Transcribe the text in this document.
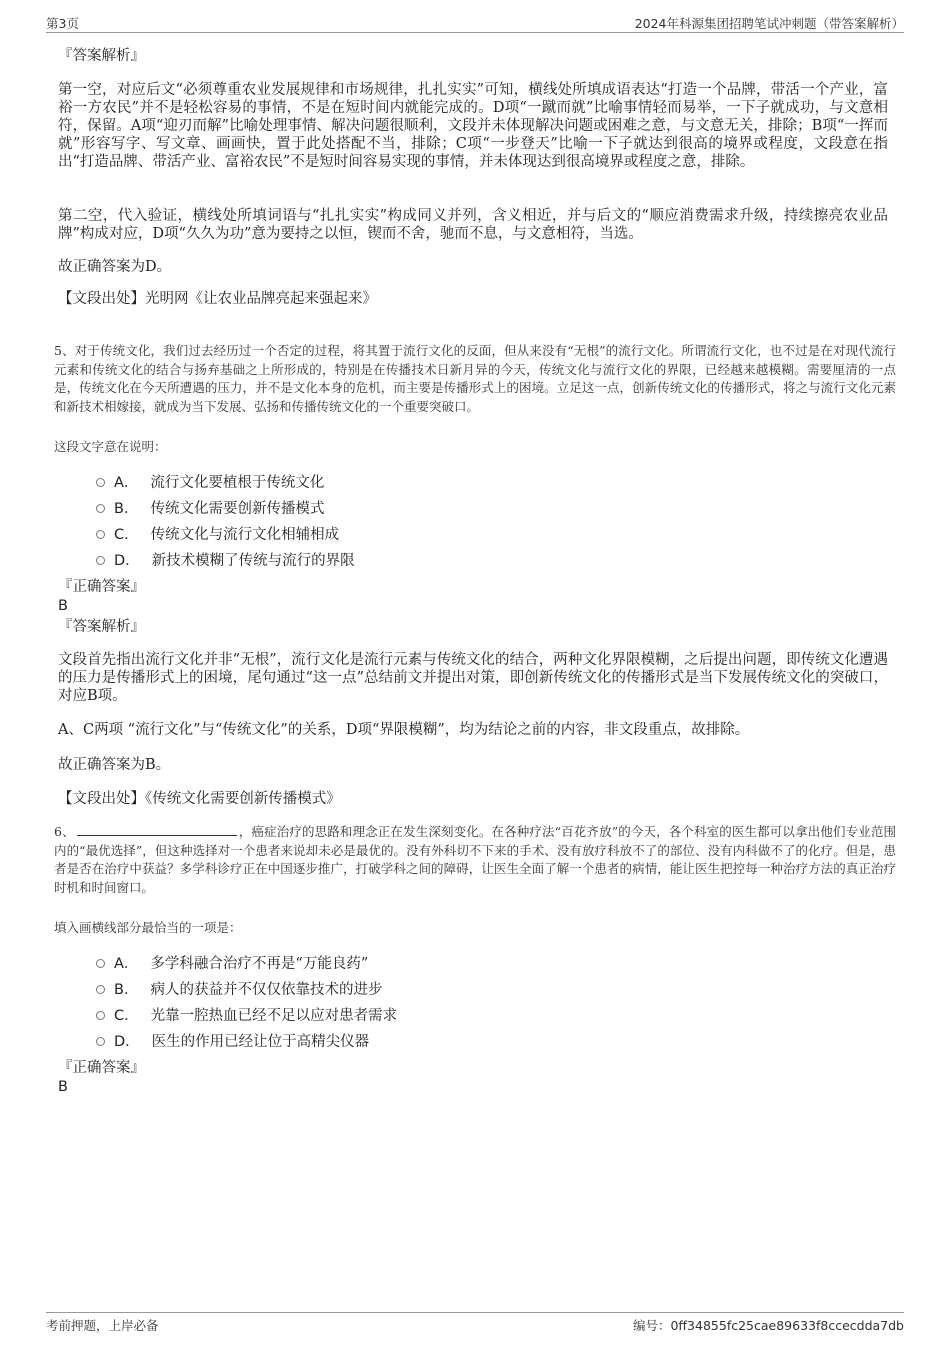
第3页	2024年科源集团招聘笔试冲刺题（带答案解析）
『答案解析』
第一空，对应后文“必须尊重农业发展规律和市场规律，扎扎实实”可知，横线处所填成语表达“打造一个品牌，带活一个产业，富裕一方农民”并不是轻松容易的事情，不是在短时间内就能完成的。D项“一蹴而就”比喻事情轻而易举，一下子就成功，与文意相符，保留。A项“迎刃而解”比喻处理事情、解决问题很顺利，文段并未体现解决问题或困难之意，与文意无关，排除；B项“一挥而就”形容写字、写文章、画画快，置于此处搭配不当，排除；C项“一步登天”比喻一下子就达到很高的境界或程度，文段意在指出“打造品牌、带活产业、富裕农民”不是短时间容易实现的事情，并未体现达到很高境界或程度之意，排除。
第二空，代入验证，横线处所填词语与“扎扎实实”构成同义并列，含义相近，并与后文的“顺应消费需求升级，持续擦亮农业品牌”构成对应，D项“久久为功”意为要持之以恒，锲而不舍，驰而不息，与文意相符，当选。
故正确答案为D。
【文段出处】光明网《让农业品牌亮起来强起来》
5、对于传统文化，我们过去经历过一个否定的过程，将其置于流行文化的反面，但从来没有“无根”的流行文化。所谓流行文化，也不过是在对现代流行元素和传统文化的结合与扬弃基础之上所形成的，特别是在传播技术日新月异的今天，传统文化与流行文化的界限，已经越来越模糊。需要厘清的一点是，传统文化在今天所遭遇的压力，并不是文化本身的危机，而主要是传播形式上的困境。立足这一点，创新传统文化的传播形式，将之与流行文化元素和新技术相嫁接，就成为当下发展、弘扬和传播传统文化的一个重要突破口。
这段文字意在说明：
A． 流行文化要植根于传统文化
B． 传统文化需要创新传播模式
C． 传统文化与流行文化相辅相成
D． 新技术模糊了传统与流行的界限
『正确答案』
B
『答案解析』
文段首先指出流行文化并非“无根”，流行文化是流行元素与传统文化的结合，两种文化界限模糊，之后提出问题，即传统文化遭遇的压力是传播形式上的困境，尾句通过“这一点”总结前文并提出对策，即创新传统文化的传播形式是当下发展传统文化的突破口，对应B项。
A、C两项 “流行文化”与“传统文化”的关系，D项“界限模糊”，均为结论之前的内容，非文段重点，故排除。
故正确答案为B。
【文段出处】《传统文化需要创新传播模式》
6、	，癌症治疗的思路和理念正在发生深刻变化。在各种疗法“百花齐放”的今天，各个科室的医生都可以拿出他们专业范围内的“最优选择”，但这种选择对一个患者来说却未必是最优的。没有外科切不下来的手术、没有放疗科放不了的部位、没有内科做不了的化疗。但是，患者是否在治疗中获益？多学科诊疗正在中国逐步推广，打破学科之间的障碍，让医生全面了解一个患者的病情，能让医生把控每一种治疗方法的真正治疗时机和时间窗口。
填入画横线部分最恰当的一项是：
A． 多学科融合治疗不再是“万能良药”
B． 病人的获益并不仅仅依靠技术的进步
C． 光靠一腔热血已经不足以应对患者需求
D． 医生的作用已经让位于高精尖仪器
『正确答案』
B
考前押题，上岸必备	编号：0ff34855fc25cae89633f8ccecdda7db
